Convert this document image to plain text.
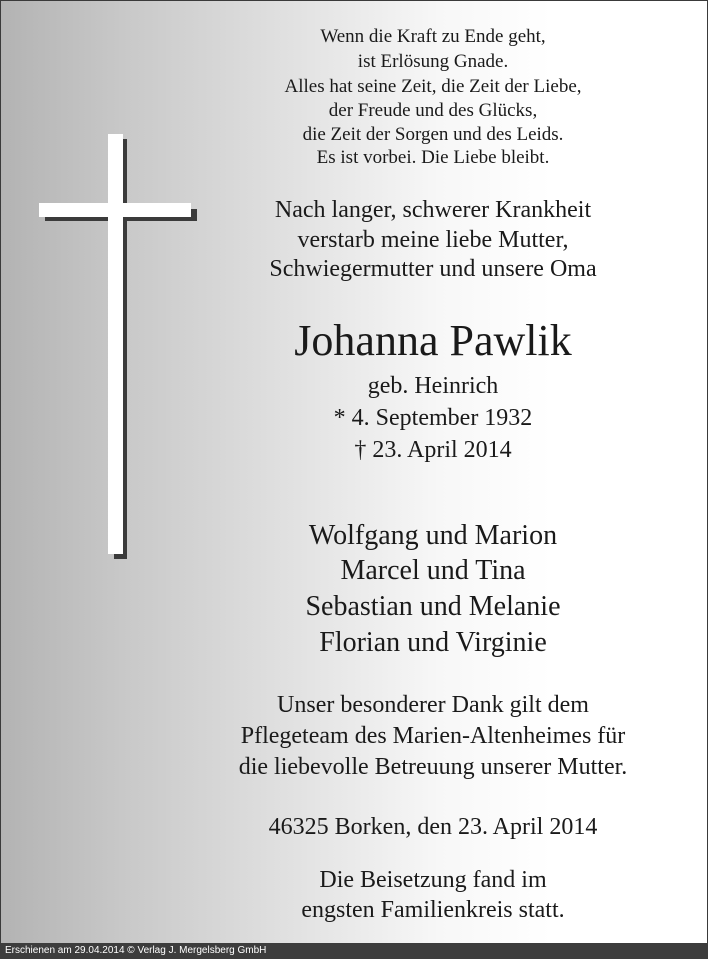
Wenn die Kraft zu Ende geht,
ist Erlösung Gnade.
Alles hat seine Zeit, die Zeit der Liebe,
der Freude und des Glücks,
die Zeit der Sorgen und des Leids.
Es ist vorbei. Die Liebe bleibt.
Nach langer, schwerer Krankheit
verstarb meine liebe Mutter,
Schwiegermutter und unsere Oma
Johanna Pawlik
geb. Heinrich
* 4. September 1932
† 23. April 2014
Wolfgang und Marion
Marcel und Tina
Sebastian und Melanie
Florian und Virginie
Unser besonderer Dank gilt dem
Pflegeteam des Marien-Altenheimes für
die liebevolle Betreuung unserer Mutter.
46325 Borken, den 23. April 2014
Die Beisetzung fand im
engsten Familienkreis statt.
Erschienen am 29.04.2014 © Verlag J. Mergelsberg GmbH
